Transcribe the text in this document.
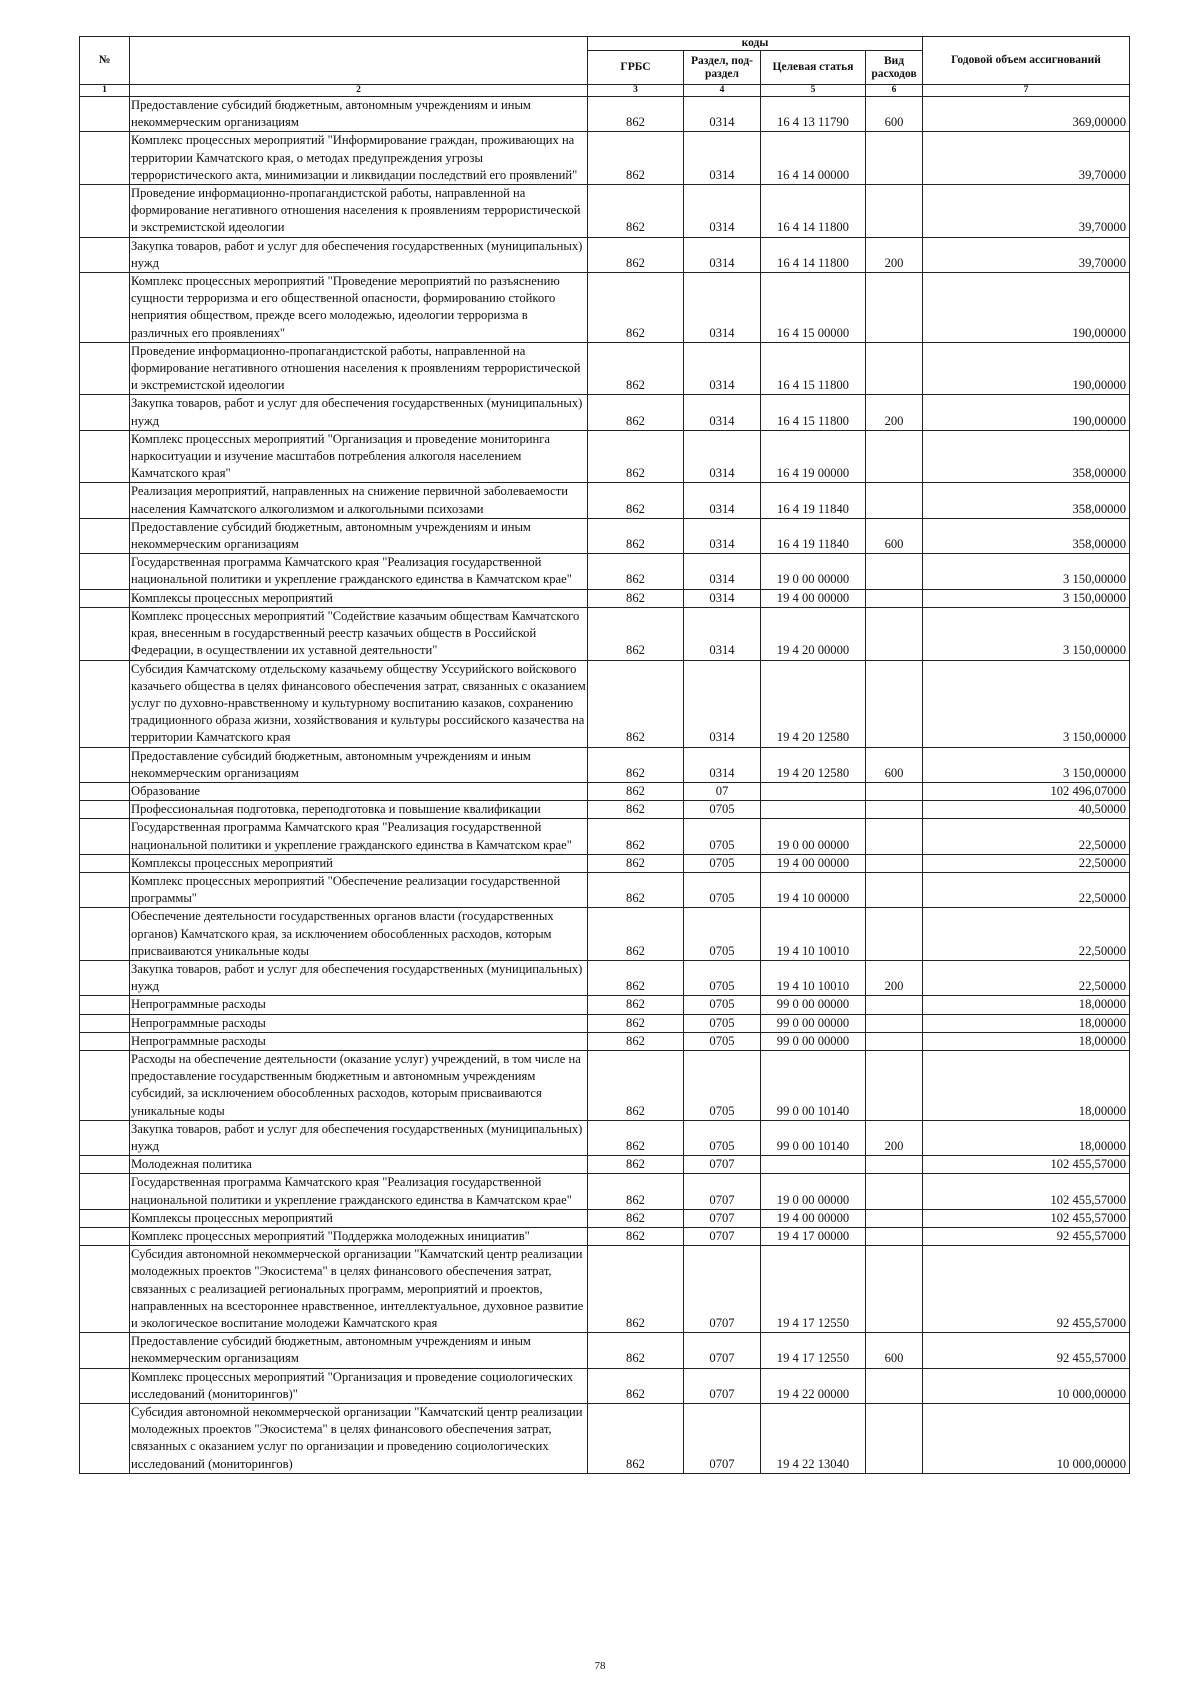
№		коды				Годовой объем ассигнований
		ГРБС	Раздел, под-раздел	Целевая статья	Вид расходов	
1	2	3	4	5	6	7
	Предоставление субсидий бюджетным, автономным учреждениям и иным некоммерческим организациям	862	0314	16 4 13 11790	600	369,00000
	Комплекс процессных мероприятий "Информирование граждан, проживающих на территории Камчатского края, о методах предупреждения угрозы террористического акта, минимизации и ликвидации последствий его проявлений"	862	0314	16 4 14 00000		39,70000
	Проведение информационно-пропагандистской работы, направленной на формирование негативного отношения населения к проявлениям террористической и экстремистской идеологии	862	0314	16 4 14 11800		39,70000
	Закупка товаров, работ и услуг для обеспечения государственных (муниципальных) нужд	862	0314	16 4 14 11800	200	39,70000
	Комплекс процессных мероприятий "Проведение мероприятий по разъяснению сущности терроризма и его общественной опасности, формированию стойкого неприятия обществом, прежде всего молодежью, идеологии терроризма в различных его проявлениях"	862	0314	16 4 15 00000		190,00000
	Проведение информационно-пропагандистской работы, направленной на формирование негативного отношения населения к проявлениям террористической и экстремистской идеологии	862	0314	16 4 15 11800		190,00000
	Закупка товаров, работ и услуг для обеспечения государственных (муниципальных) нужд	862	0314	16 4 15 11800	200	190,00000
	Комплекс процессных мероприятий "Организация и проведение мониторинга наркоситуации и изучение масштабов потребления алкоголя населением Камчатского края"	862	0314	16 4 19 00000		358,00000
	Реализация мероприятий, направленных на снижение первичной заболеваемости населения Камчатского алкоголизмом и алкогольными психозами	862	0314	16 4 19 11840		358,00000
	Предоставление субсидий бюджетным, автономным учреждениям и иным некоммерческим организациям	862	0314	16 4 19 11840	600	358,00000
	Государственная программа Камчатского края "Реализация государственной национальной политики и укрепление гражданского единства в Камчатском крае"	862	0314	19 0 00 00000		3 150,00000
	Комплексы процессных мероприятий	862	0314	19 4 00 00000		3 150,00000
	Комплекс процессных мероприятий "Содействие казачьим обществам Камчатского края, внесенным в государственный реестр казачьих обществ в Российской Федерации, в осуществлении их уставной деятельности"	862	0314	19 4 20 00000		3 150,00000
	Субсидия Камчатскому отдельскому казачьему обществу Уссурийского войскового казачьего общества в целях финансового обеспечения затрат, связанных с оказанием услуг по духовно-нравственному и культурному воспитанию казаков, сохранению традиционного образа жизни, хозяйствования и культуры российского казачества на территории Камчатского края	862	0314	19 4 20 12580		3 150,00000
	Предоставление субсидий бюджетным, автономным учреждениям и иным некоммерческим организациям	862	0314	19 4 20 12580	600	3 150,00000
	Образование	862	07			102 496,07000
	Профессиональная подготовка, переподготовка и повышение квалификации	862	0705			40,50000
	Государственная программа Камчатского края "Реализация государственной национальной политики и укрепление гражданского единства в Камчатском крае"	862	0705	19 0 00 00000		22,50000
	Комплексы процессных мероприятий	862	0705	19 4 00 00000		22,50000
	Комплекс процессных мероприятий "Обеспечение реализации государственной программы"	862	0705	19 4 10 00000		22,50000
	Обеспечение деятельности государственных органов власти (государственных органов) Камчатского края, за исключением обособленных расходов, которым присваиваются уникальные коды	862	0705	19 4 10 10010		22,50000
	Закупка товаров, работ и услуг для обеспечения государственных (муниципальных) нужд	862	0705	19 4 10 10010	200	22,50000
	Непрограммные расходы	862	0705	99 0 00 00000		18,00000
	Непрограммные расходы	862	0705	99 0 00 00000		18,00000
	Непрограммные расходы	862	0705	99 0 00 00000		18,00000
	Расходы на обеспечение деятельности (оказание услуг) учреждений, в том числе на предоставление государственным бюджетным и автономным учреждениям субсидий, за исключением обособленных расходов, которым присваиваются уникальные коды	862	0705	99 0 00 10140		18,00000
	Закупка товаров, работ и услуг для обеспечения государственных (муниципальных) нужд	862	0705	99 0 00 10140	200	18,00000
	Молодежная политика	862	0707			102 455,57000
	Государственная программа Камчатского края "Реализация государственной национальной политики и укрепление гражданского единства в Камчатском крае"	862	0707	19 0 00 00000		102 455,57000
	Комплексы процессных мероприятий	862	0707	19 4 00 00000		102 455,57000
	Комплекс процессных мероприятий "Поддержка молодежных инициатив"	862	0707	19 4 17 00000		92 455,57000
	Субсидия автономной некоммерческой организации "Камчатский центр реализации молодежных проектов "Экосистема" в целях финансового обеспечения затрат, связанных с реализацией региональных программ, мероприятий и проектов, направленных на всестороннее нравственное, интеллектуальное, духовное развитие и экологическое воспитание молодежи Камчатского края	862	0707	19 4 17 12550		92 455,57000
	Предоставление субсидий бюджетным, автономным учреждениям и иным некоммерческим организациям	862	0707	19 4 17 12550	600	92 455,57000
	Комплекс процессных мероприятий "Организация и проведение социологических исследований (мониторингов)"	862	0707	19 4 22 00000		10 000,00000
	Субсидия автономной некоммерческой организации "Камчатский центр реализации молодежных проектов "Экосистема" в целях финансового обеспечения затрат, связанных с оказанием услуг по организации и проведению социологических исследований (мониторингов)	862	0707	19 4 22 13040		10 000,00000
78
